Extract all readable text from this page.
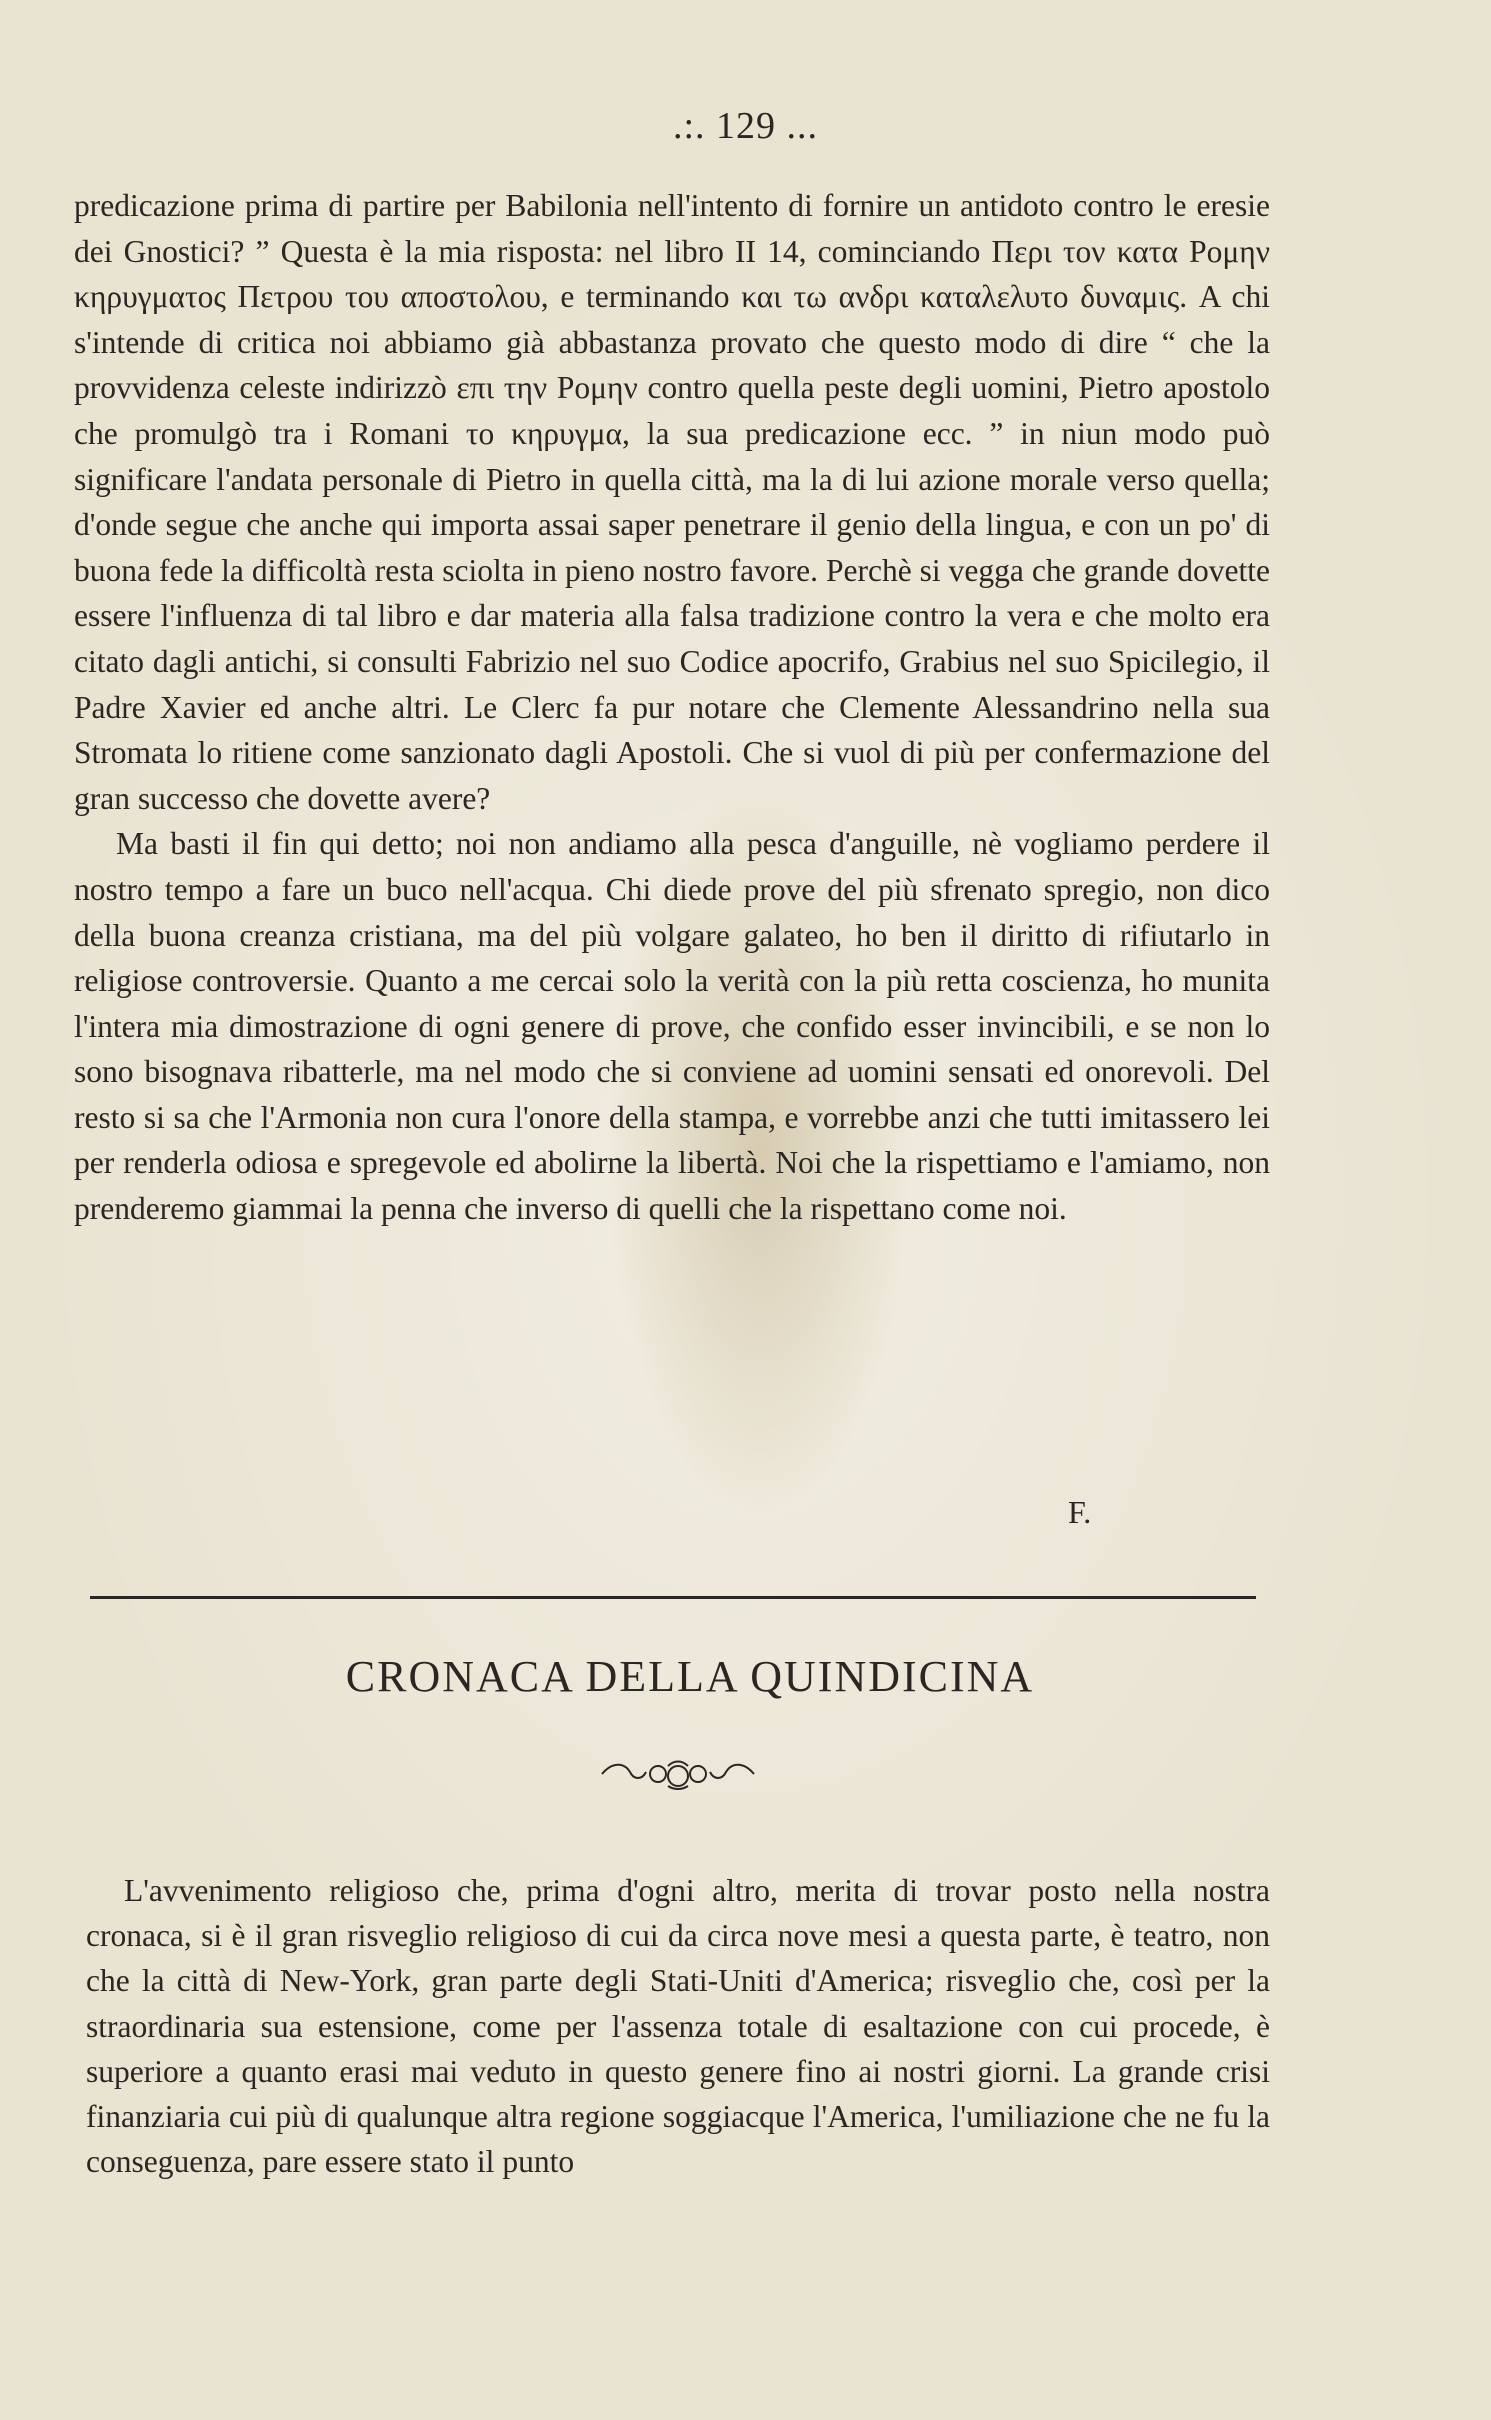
.:. 129 ...

predicazione prima di partire per Babilonia nell'intento di fornire un antidoto contro le eresie dei Gnostici? ” Questa è la mia risposta: nel libro II 14, cominciando Περι τον κατα Ρομην κηρυγματος Πετρου του αποστολου, e terminando και τω ανδρι καταλελυτο δυναμις. A chi s'intende di critica noi abbiamo già abbastanza provato che questo modo di dire “ che la provvidenza celeste indirizzò επι την Ρομην contro quella peste degli uomini, Pietro apostolo che promulgò tra i Romani το κηρυγμα, la sua predicazione ecc. ” in niun modo può significare l'andata personale di Pietro in quella città, ma la di lui azione morale verso quella; d'onde segue che anche qui importa assai saper penetrare il genio della lingua, e con un po' di buona fede la difficoltà resta sciolta in pieno nostro favore. Perchè si vegga che grande dovette essere l'influenza di tal libro e dar materia alla falsa tradizione contro la vera e che molto era citato dagli antichi, si consulti Fabrizio nel suo Codice apocrifo, Grabius nel suo Spicilegio, il Padre Xavier ed anche altri. Le Clerc fa pur notare che Clemente Alessandrino nella sua Stromata lo ritiene come sanzionato dagli Apostoli. Che si vuol di più per confermazione del gran successo che dovette avere?

Ma basti il fin qui detto; noi non andiamo alla pesca d'anguille, nè vogliamo perdere il nostro tempo a fare un buco nell'acqua. Chi diede prove del più sfrenato spregio, non dico della buona creanza cristiana, ma del più volgare galateo, ho ben il diritto di rifiutarlo in religiose controversie. Quanto a me cercai solo la verità con la più retta coscienza, ho munita l'intera mia dimostrazione di ogni genere di prove, che confido esser invincibili, e se non lo sono bisognava ribatterle, ma nel modo che si conviene ad uomini sensati ed onorevoli. Del resto si sa che l'Armonia non cura l'onore della stampa, e vorrebbe anzi che tutti imitassero lei per renderla odiosa e spregevole ed abolirne la libertà. Noi che la rispettiamo e l'amiamo, non prenderemo giammai la penna che inverso di quelli che la rispettano come noi.

F.
CRONACA DELLA QUINDICINA

L'avvenimento religioso che, prima d'ogni altro, merita di trovar posto nella nostra cronaca, si è il gran risveglio religioso di cui da circa nove mesi a questa parte, è teatro, non che la città di New-York, gran parte degli Stati-Uniti d'America; risveglio che, così per la straordinaria sua estensione, come per l'assenza totale di esaltazione con cui procede, è superiore a quanto erasi mai veduto in questo genere fino ai nostri giorni. La grande crisi finanziaria cui più di qualunque altra regione soggiacque l'America, l'umiliazione che ne fu la conseguenza, pare essere stato il punto
